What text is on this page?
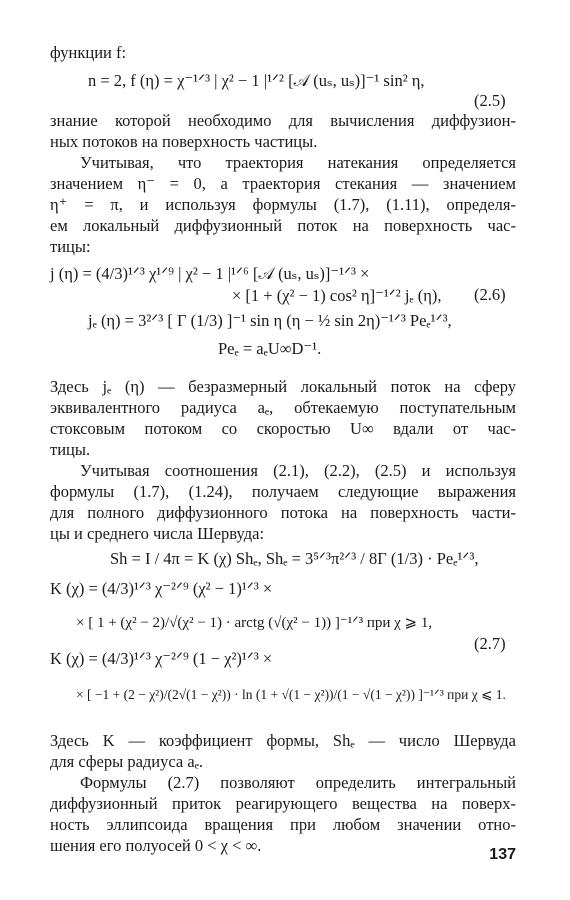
функции f:
n = 2, f (η) = χ⁻¹ᐟ³ | χ² − 1 |¹ᐟ² [𝒜 (uₛ, uₛ)]⁻¹ sin² η,
(2.5)
знание которой необходимо для вычисления диффузион-
ных потоков на поверхность частицы.
Учитывая, что траектория натекания определяется
значением η⁻ = 0, а траектория стекания — значением
η⁺ = π, и используя формулы (1.7), (1.11), определя-
ем локальный диффузионный поток на поверхность час-
тицы:
j (η) = (4/3)¹ᐟ³ χ¹ᐟ⁹ | χ² − 1 |¹ᐟ⁶ [𝒜 (uₛ, uₛ)]⁻¹ᐟ³ ×
× [1 + (χ² − 1) cos² η]⁻¹ᐟ² jₑ (η), (2.6)
jₑ (η) = 3²ᐟ³ [ Γ (1/3) ]⁻¹ sin η (η − ½ sin 2η)⁻¹ᐟ³ Peₑ¹ᐟ³,
Peₑ = aₑU∞D⁻¹.
Здесь jₑ (η) — безразмерный локальный поток на сферу
эквивалентного радиуса aₑ, обтекаемую поступательным
стоксовым потоком со скоростью U∞ вдали от час-
тицы.
Учитывая соотношения (2.1), (2.2), (2.5) и используя
формулы (1.7), (1.24), получаем следующие выражения
для полного диффузионного потока на поверхность части-
цы и среднего числа Шервуда:
Sh = I / 4π = K (χ) Shₑ, Shₑ = 3⁵ᐟ³π²ᐟ³ / 8Γ (1/3) · Peₑ¹ᐟ³,
K (χ) = (4/3)¹ᐟ³ χ⁻²ᐟ⁹ (χ² − 1)¹ᐟ³ ×
× [ 1 + (χ² − 2)/√(χ² − 1) · arctg (√(χ² − 1)) ]⁻¹ᐟ³ при χ ⩾ 1,
(2.7)
K (χ) = (4/3)¹ᐟ³ χ⁻²ᐟ⁹ (1 − χ²)¹ᐟ³ ×
× [ −1 + (2 − χ²)/(2√(1 − χ²)) · ln (1 + √(1 − χ²))/(1 − √(1 − χ²)) ]⁻¹ᐟ³ при χ ⩽ 1.
Здесь K — коэффициент формы, Shₑ — число Шервуда
для сферы радиуса aₑ.
Формулы (2.7) позволяют определить интегральный
диффузионный приток реагирующего вещества на поверх-
ность эллипсоида вращения при любом значении отно-
шения его полуосей 0 < χ < ∞.	137
